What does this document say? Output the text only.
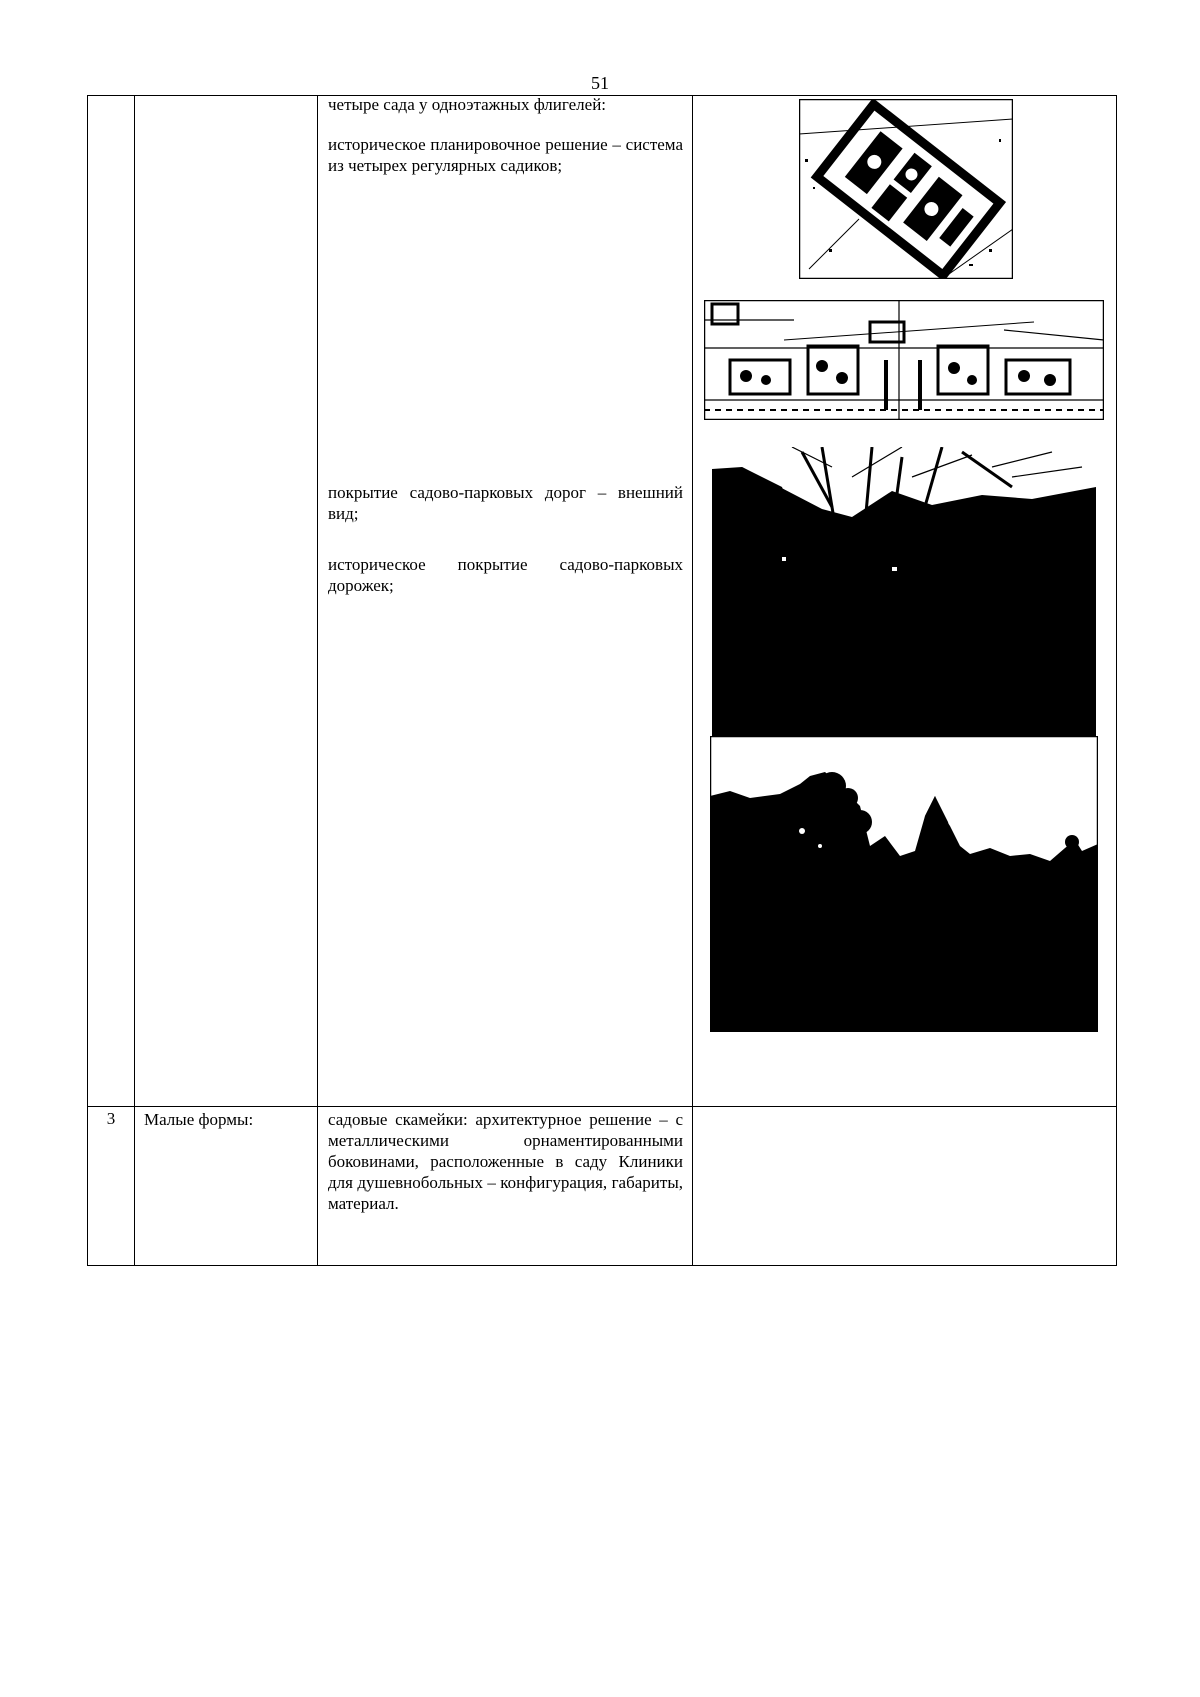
51
четыре сада у одноэтажных флигелей:
историческое планировочное решение – система из четырех регулярных садиков;
покрытие садово-парковых дорог – внешний вид;
историческое покрытие садово-парковых дорожек;
3	Малые формы:	садовые скамейки: архитектурное решение – с металлическими орнаментированными боковинами, расположенные в саду Клиники для душевнобольных – конфигурация, габариты, материал.
